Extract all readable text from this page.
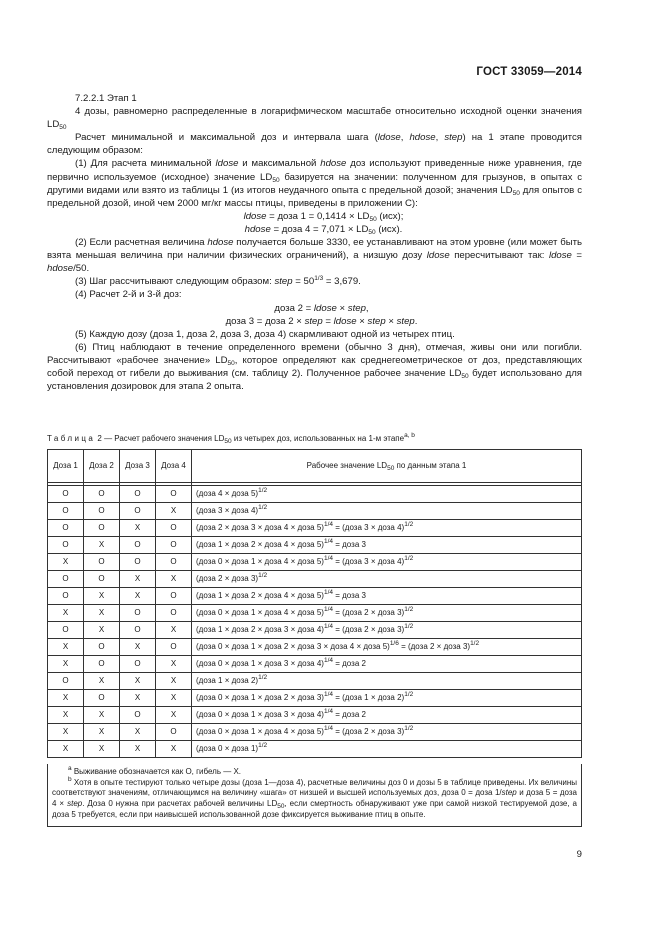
ГОСТ 33059—2014

7.2.2.1 Этап 1

4 дозы, равномерно распределенные в логарифмическом масштабе относительно исходной оценки значения $LD_{50}$

Расчет минимальной и максимальной доз и интервала шага (ldose, hdose, step) на 1 этапе проводится следующим образом:

(1) Для расчета минимальной ldose и максимальной hdose доз используют приведенные ниже уравнения, где первично используемое (исходное) значение $LD_{50}$ базируется на значении: полученном для грызунов, в опытах с другими видами или взято из таблицы 1 (из итогов неудачного опыта с предельной дозой; значения $LD_{50}$ для опытов с предельной дозой, иной чем 2000 мг/кг массы птицы, приведены в приложении С):

ldose = доза $1 = 0,1414 \times LD_{50}$ (исх);

hdose = доза $4 = 7,071 \times LD_{50}$ (исх).

(2) Если расчетная величина hdose получается больше 3330, ее устанавливают на этом уровне (или может быть взята меньшая величина при наличии физических ограничений), а низшую дозу ldose пересчитывают так: ldose = hdose/50.

(3) Шаг рассчитывают следующим образом: step = $50^{1/3} = 3,679$.

(4) Расчет 2-й и 3-й доз:

доза 2 = ldose × step,

доза 3 = доза 2 × step = ldose × step × step.

(5) Каждую дозу (доза 1, доза 2, доза 3, доза 4) скармливают одной из четырех птиц.

(6) Птиц наблюдают в течение определенного времени (обычно 3 дня), отмечая, живы они или погибли. Рассчитывают «рабочее значение» $LD_{50}$, которое определяют как среднегеометрическое от доз, представляющих собой переход от гибели до выживания (см. таблицу 2). Полученное рабочее значение $LD_{50}$ будет использовано для установления дозировок для этапа 2 опыта.

Таблица 2 — Расчет рабочего значения $LD_{50}$ из четырех доз, использованных на 1-м этапе$^{a, b}$
Доза 1	Доза 2	Доза 3	Доза 4	Рабочее значение $LD_{50}$ по данным этапа 1

O	O	O	O	(доза 4 × доза 5)$^{1/2}$
O	O	O	X	(доза 3 × доза 4)$^{1/2}$
O	O	X	O	(доза 2 × доза 3 × доза 4 × доза 5)$^{1/4}$ = (доза 3 × доза 4)$^{1/2}$
O	X	O	O	(доза 1 × доза 2 × доза 4 × доза 5)$^{1/4}$ = доза 3
X	O	O	O	(доза 0 × доза 1 × доза 4 × доза 5)$^{1/4}$ = (доза 3 × доза 4)$^{1/2}$
O	O	X	X	(доза 2 × доза 3)$^{1/2}$
O	X	X	O	(доза 1 × доза 2 × доза 4 × доза 5)$^{1/4}$ = доза 3
X	X	O	O	(доза 0 × доза 1 × доза 4 × доза 5)$^{1/4}$ = (доза 2 × доза 3)$^{1/2}$
O	X	O	X	(доза 1 × доза 2 × доза 3 × доза 4)$^{1/4}$ = (доза 2 × доза 3)$^{1/2}$
X	O	X	O	(доза 0 × доза 1 × доза 2 × доза 3 × доза 4 × доза 5)$^{1/6}$ = (доза 2 × доза 3)$^{1/2}$
X	O	O	X	(доза 0 × доза 1 × доза 3 × доза 4)$^{1/4}$ = доза 2
O	X	X	X	(доза 1 × доза 2)$^{1/2}$
X	O	X	X	(доза 0 × доза 1 × доза 2 × доза 3)$^{1/4}$ = (доза 1 × доза 2)$^{1/2}$
X	X	O	X	(доза 0 × доза 1 × доза 3 × доза 4)$^{1/4}$ = доза 2
X	X	X	O	(доза 0 × доза 1 × доза 4 × доза 5)$^{1/4}$ = (доза 2 × доза 3)$^{1/2}$
X	X	X	X	(доза 0 × доза 1)$^{1/2}$

$^a$ Выживание обозначается как О, гибель — X.

$^b$ Хотя в опыте тестируют только четыре дозы (доза 1—доза 4), расчетные величины доз 0 и дозы 5 в таблице приведены. Их величины соответствуют значениям, отличающимся на величину «шага» от низшей и высшей используемых доз, доза 0 = доза 1/step и доза 5 = доза 4 × step. Доза 0 нужна при расчетах рабочей величины $LD_{50}$, если смертность обнаруживают уже при самой низкой тестируемой дозе, а доза 5 требуется, если при наивысшей использованной дозе фиксируется выживание птиц в опыте.

9
